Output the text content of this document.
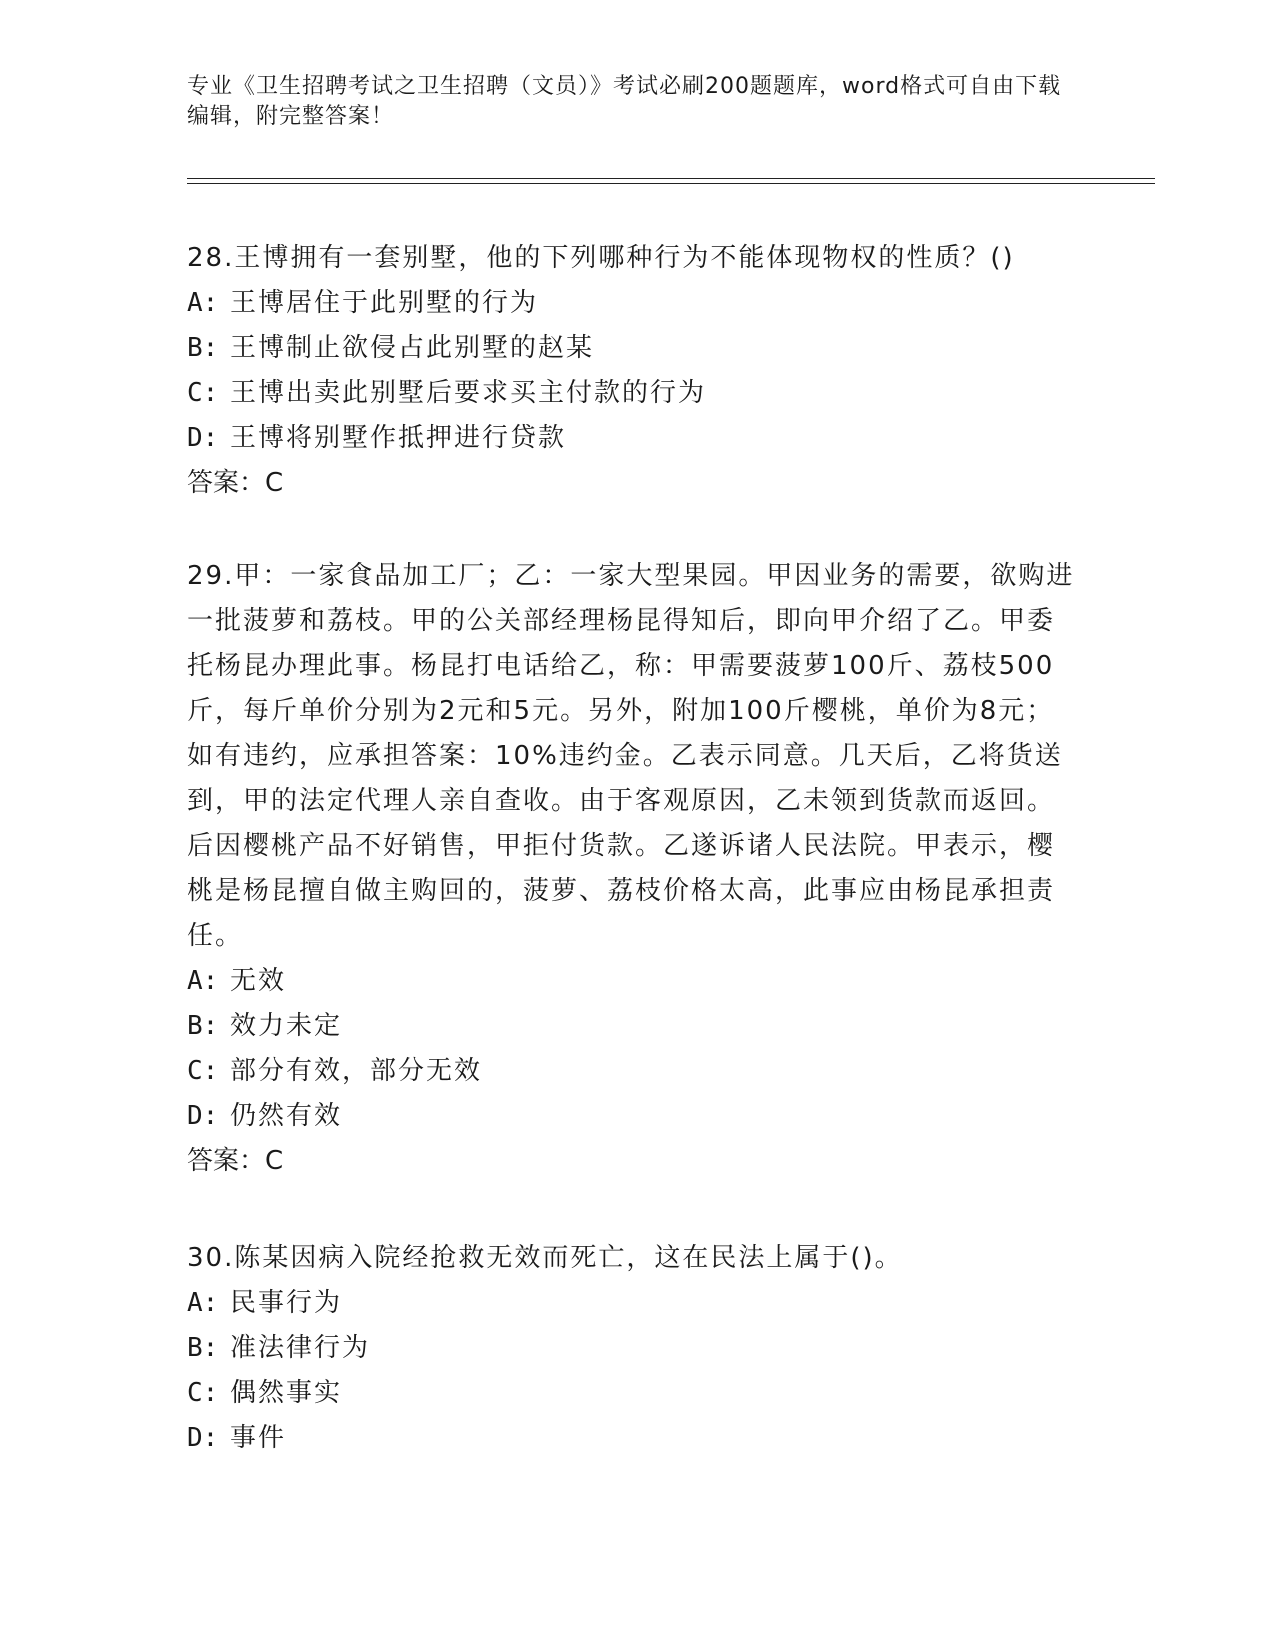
专业《卫生招聘考试之卫生招聘（文员）》考试必刷200题题库，word格式可自由下载编辑，附完整答案！

28.王博拥有一套别墅，他的下列哪种行为不能体现物权的性质？()

A: 王博居住于此别墅的行为

B: 王博制止欲侵占此别墅的赵某

C: 王博出卖此别墅后要求买主付款的行为

D: 王博将别墅作抵押进行贷款

答案：C

29.甲：一家食品加工厂；乙：一家大型果园。甲因业务的需要，欲购进一批菠萝和荔枝。甲的公关部经理杨昆得知后，即向甲介绍了乙。甲委托杨昆办理此事。杨昆打电话给乙，称：甲需要菠萝100斤、荔枝500斤，每斤单价分别为2元和5元。另外，附加100斤樱桃，单价为8元；如有违约，应承担答案：10%违约金。乙表示同意。几天后，乙将货送到，甲的法定代理人亲自查收。由于客观原因，乙未领到货款而返回。后因樱桃产品不好销售，甲拒付货款。乙遂诉诸人民法院。甲表示，樱桃是杨昆擅自做主购回的，菠萝、荔枝价格太高，此事应由杨昆承担责任。

A: 无效

B: 效力未定

C: 部分有效，部分无效

D: 仍然有效

答案：C

30.陈某因病入院经抢救无效而死亡，这在民法上属于()。

A: 民事行为

B: 准法律行为

C: 偶然事实

D: 事件
